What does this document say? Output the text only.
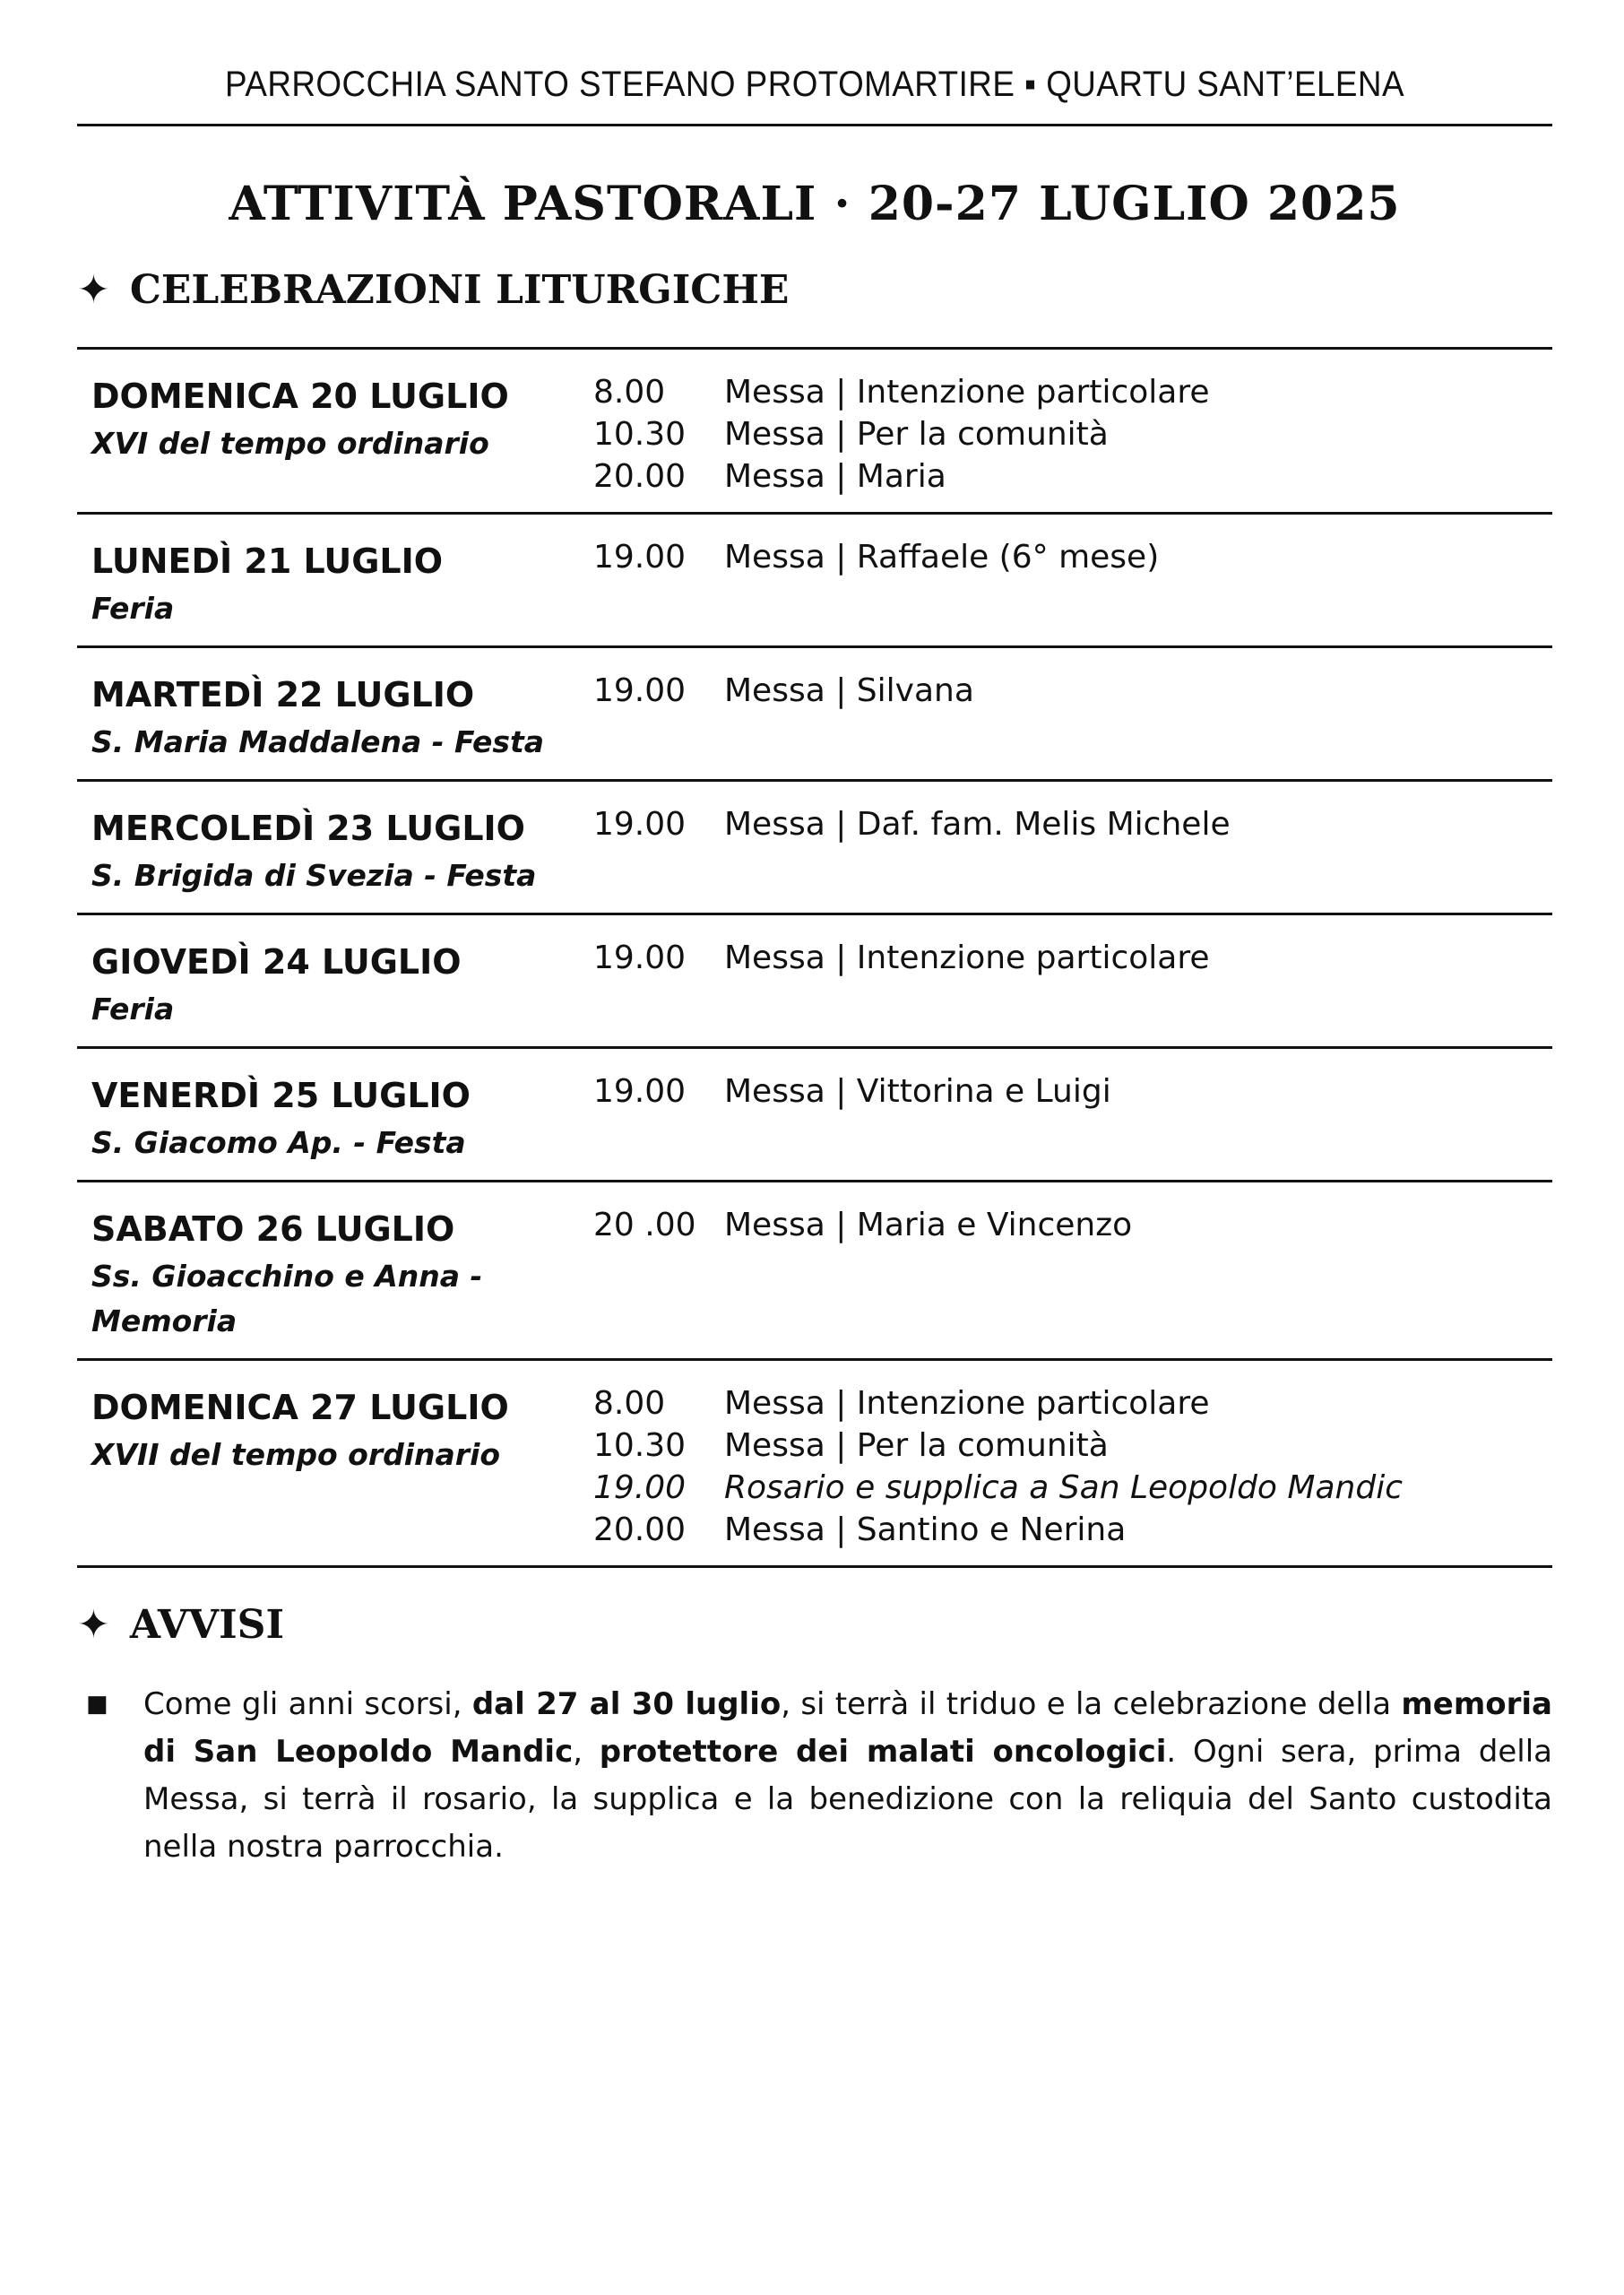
PARROCCHIA SANTO STEFANO PROTOMARTIRE ▪ QUARTU SANT’ELENA
ATTIVITÀ PASTORALI · 20-27 LUGLIO 2025
✦ CELEBRAZIONI LITURGICHE
DOMENICA 20 LUGLIO
XVI del tempo ordinario
8.00	Messa | Intenzione particolare
10.30	Messa | Per la comunità
20.00	Messa | Maria
LUNEDÌ 21 LUGLIO
Feria
19.00	Messa | Raffaele (6° mese)
MARTEDÌ 22 LUGLIO
S. Maria Maddalena - Festa
19.00	Messa | Silvana
MERCOLEDÌ 23 LUGLIO
S. Brigida di Svezia - Festa
19.00	Messa | Daf. fam. Melis Michele
GIOVEDÌ 24 LUGLIO
Feria
19.00	Messa | Intenzione particolare
VENERDÌ 25 LUGLIO
S. Giacomo Ap. - Festa
19.00	Messa | Vittorina e Luigi
SABATO 26 LUGLIO
Ss. Gioacchino e Anna - Memoria
20 .00 Messa | Maria e Vincenzo
DOMENICA 27 LUGLIO
XVII del tempo ordinario
8.00	Messa | Intenzione particolare
10.30	Messa | Per la comunità
19.00	Rosario e supplica a San Leopoldo Mandic
20.00	Messa | Santino e Nerina
✦ AVVISI
■	Come gli anni scorsi, dal 27 al 30 luglio, si terrà il triduo e la celebrazione della memoria di San Leopoldo Mandic, protettore dei malati oncologici. Ogni sera, prima della Messa, si terrà il rosario, la supplica e la benedizione con la reliquia del Santo custodita nella nostra parrocchia.
